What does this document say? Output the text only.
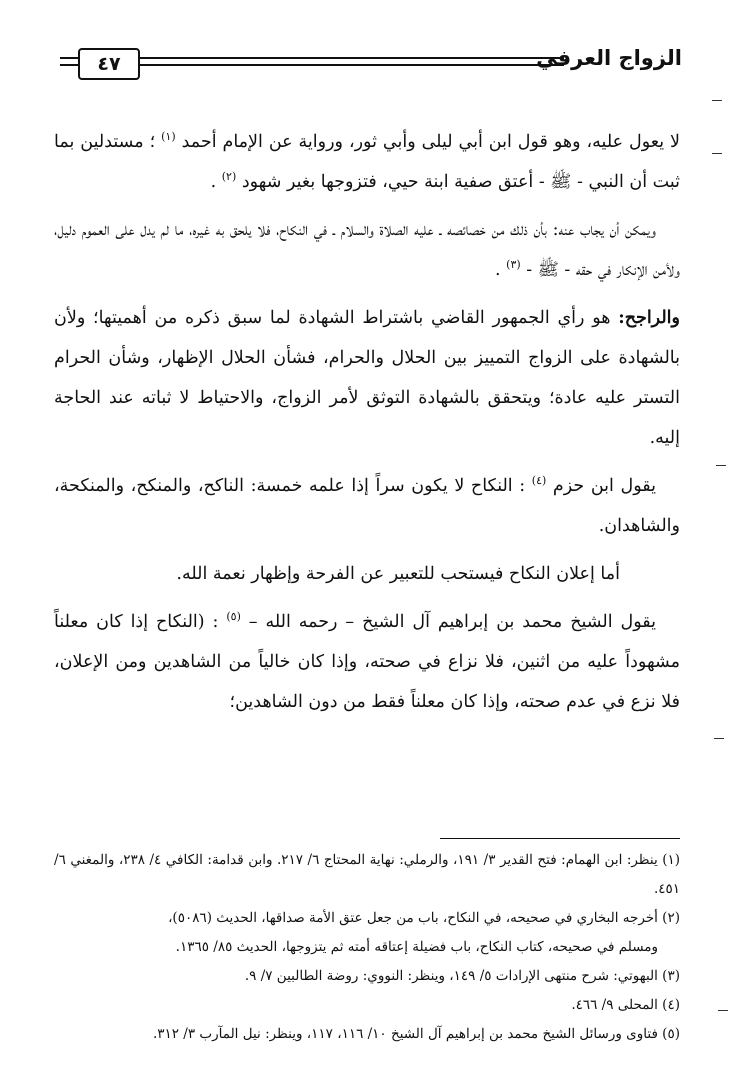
٤٧	الزواج العرفي

لا يعول عليه، وهو قول ابن أبي ليلى وأبي ثور، ورواية عن الإمام أحمد $^{(١)}$ ؛ مستدلين بما ثبت أن النبي - ﷺ - أعتق صفية ابنة حيي، فتزوجها بغير شهود $^{(٢)}$ .

ويمكن أن يجاب عنه: بأن ذلك من خصائصه ـ عليه الصلاة والسلام ـ في النكاح، فلا يلحق به غيره، ما لم يدل على العموم دليل، ولأمن الإنكار في حقه - ﷺ - $^{(٣)}$ .

والراجح: هو رأي الجمهور القاضي باشتراط الشهادة لما سبق ذكره من أهميتها؛ ولأن بالشهادة على الزواج التمييز بين الحلال والحرام، فشأن الحلال الإظهار، وشأن الحرام التستر عليه عادة؛ ويتحقق بالشهادة التوثق لأمر الزواج، والاحتياط لا ثباته عند الحاجة إليه.

يقول ابن حزم $^{(٤)}$ : النكاح لا يكون سراً إذا علمه خمسة: الناكح، والمنكح، والمنكحة، والشاهدان.

أما إعلان النكاح فيستحب للتعبير عن الفرحة وإظهار نعمة الله.

يقول الشيخ محمد بن إبراهيم آل الشيخ – رحمه الله – $^{(٥)}$ : (النكاح إذا كان معلناً مشهوداً عليه من اثنين، فلا نزاع في صحته، وإذا كان خالياً من الشاهدين ومن الإعلان، فلا نزع في عدم صحته، وإذا كان معلناً فقط من دون الشاهدين؛

(١) ينظر: ابن الهمام: فتح القدير ٣/ ١٩١، والرملي: نهاية المحتاج ٦/ ٢١٧. وابن قدامة: الكافي ٤/ ٢٣٨، والمغني ٦/ ٤٥١.

(٢) أخرجه البخاري في صحيحه، في النكاح، باب من جعل عتق الأمة صداقها، الحديث (٥٠٨٦)،

ومسلم في صحيحه، كتاب النكاح، باب فضيلة إعتاقه أمته ثم يتزوجها، الحديث ٨٥/ ١٣٦٥.

(٣) البهوتي: شرح منتهى الإرادات ٥/ ١٤٩، وينظر: النووي: روضة الطالبين ٧/ ٩.

(٤) المحلى ٩/ ٤٦٦.

(٥) فتاوى ورسائل الشيخ محمد بن إبراهيم آل الشيخ ١٠/ ١١٦، ١١٧، وينظر: نيل المآرب ٣/ ٣١٢.
